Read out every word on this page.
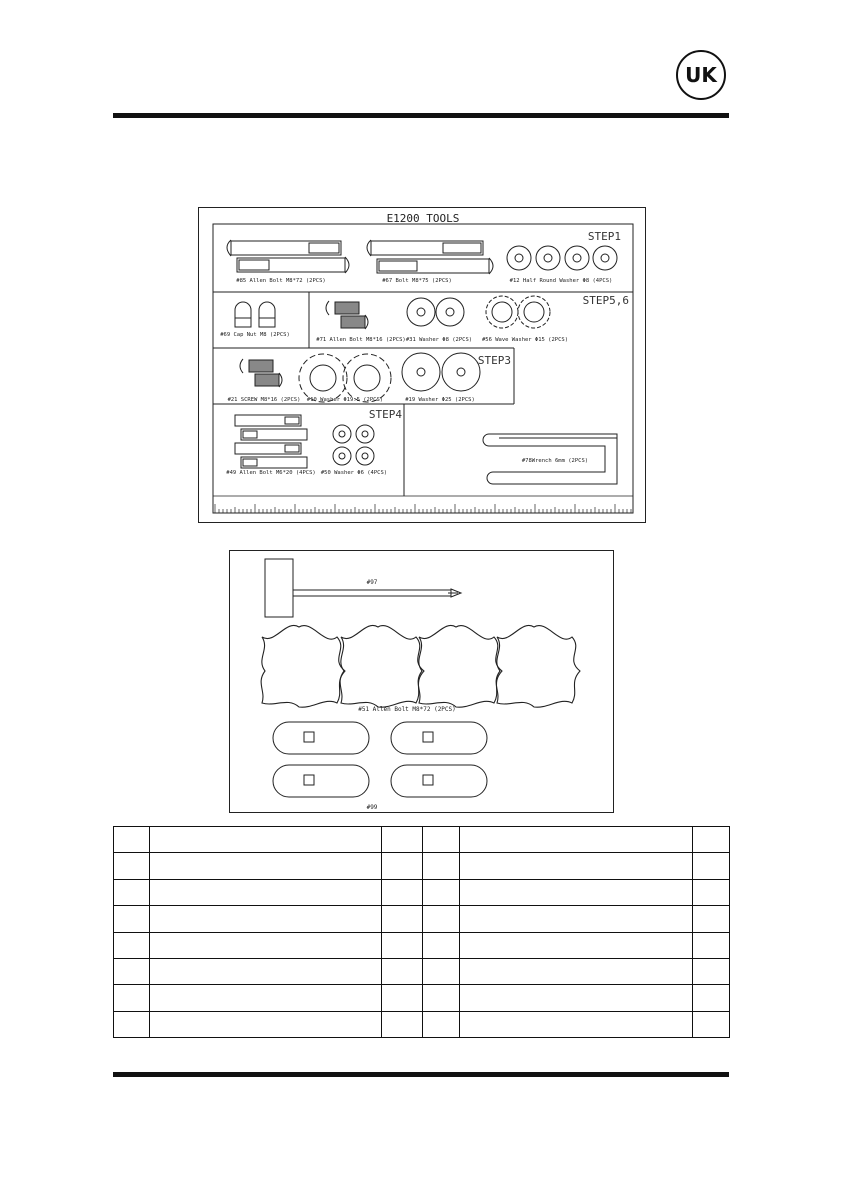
UK
E1200 TOOLS
STEP1
STEP5,6
STEP3
STEP4
#85 Allen Bolt M8*72 (2PCS)	#67 Bolt M8*75 (2PCS)	#12 Half Round Washer Φ8 (4PCS)
#69 Cap Nut M8 (2PCS)
#71 Allen Bolt M8*16 (2PCS) #31 Washer Φ8 (2PCS) #56 Wave Washer Φ15 (2PCS)
#21 SCREW M8*16 (2PCS) #10 Washer Φ19.5 (2PCS)	#19 Washer Φ25 (2PCS)
#49 Allen Bolt M6*20 (4PCS) #50 Washer Φ6 (4PCS)
#78Wrench 6mm (2PCS)
#97
#51 Allen Bolt M8*72 (2PCS)
#99
